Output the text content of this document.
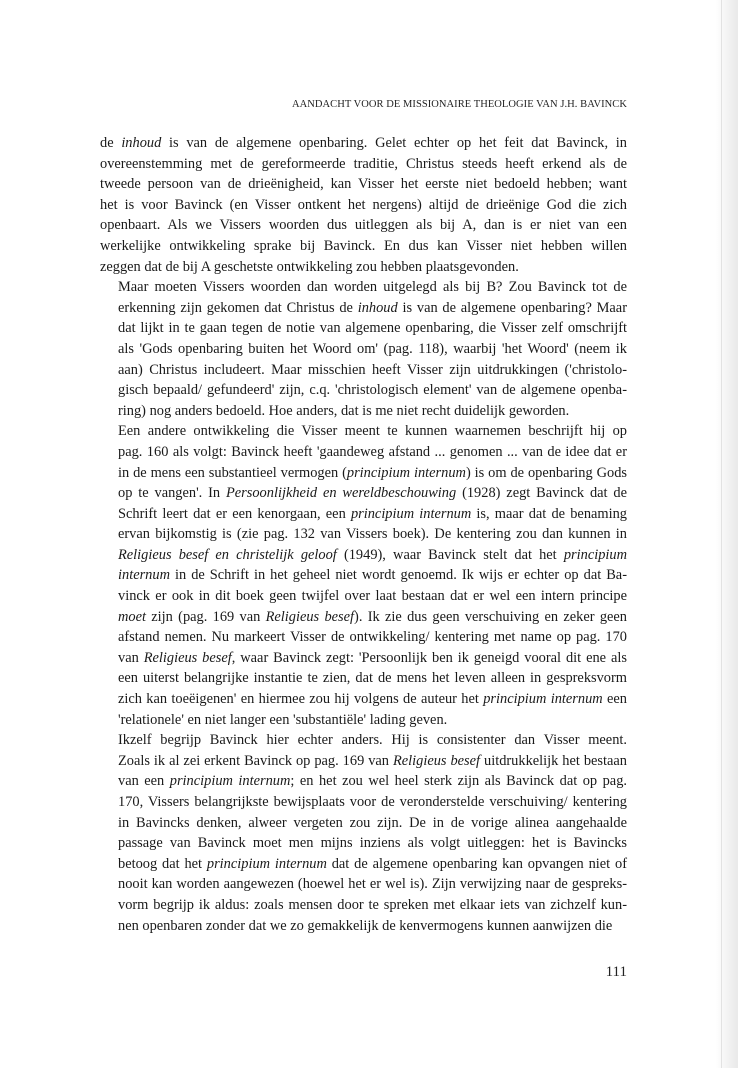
AANDACHT VOOR DE MISSIONAIRE THEOLOGIE VAN J.H. BAVINCK

de inhoud is van de algemene openbaring. Gelet echter op het feit dat Bavinck, in
overeenstemming met de gereformeerde traditie, Christus steeds heeft erkend als de
tweede persoon van de drieënigheid, kan Visser het eerste niet bedoeld hebben; want
het is voor Bavinck (en Visser ontkent het nergens) altijd de drieënige God die zich
openbaart. Als we Vissers woorden dus uitleggen als bij A, dan is er niet van een
werkelijke ontwikkeling sprake bij Bavinck. En dus kan Visser niet hebben willen
zeggen dat de bij A geschetste ontwikkeling zou hebben plaatsgevonden.

Maar moeten Vissers woorden dan worden uitgelegd als bij B? Zou Bavinck tot de
erkenning zijn gekomen dat Christus de inhoud is van de algemene openbaring? Maar
dat lijkt in te gaan tegen de notie van algemene openbaring, die Visser zelf omschrijft
als 'Gods openbaring buiten het Woord om' (pag. 118), waarbij 'het Woord' (neem ik
aan) Christus includeert. Maar misschien heeft Visser zijn uitdrukkingen ('christolo-
gisch bepaald/ gefundeerd' zijn, c.q. 'christologisch element' van de algemene openba-
ring) nog anders bedoeld. Hoe anders, dat is me niet recht duidelijk geworden.

Een andere ontwikkeling die Visser meent te kunnen waarnemen beschrijft hij op
pag. 160 als volgt: Bavinck heeft 'gaandeweg afstand ... genomen ... van de idee dat er
in de mens een substantieel vermogen (principium internum) is om de openbaring Gods
op te vangen'. In Persoonlijkheid en wereldbeschouwing (1928) zegt Bavinck dat de
Schrift leert dat er een kenorgaan, een principium internum is, maar dat de benaming
ervan bijkomstig is (zie pag. 132 van Vissers boek). De kentering zou dan kunnen in
Religieus besef en christelijk geloof (1949), waar Bavinck stelt dat het principium
internum in de Schrift in het geheel niet wordt genoemd. Ik wijs er echter op dat Ba-
vinck er ook in dit boek geen twijfel over laat bestaan dat er wel een intern principe
moet zijn (pag. 169 van Religieus besef). Ik zie dus geen verschuiving en zeker geen
afstand nemen. Nu markeert Visser de ontwikkeling/ kentering met name op pag. 170
van Religieus besef, waar Bavinck zegt: 'Persoonlijk ben ik geneigd vooral dit ene als
een uiterst belangrijke instantie te zien, dat de mens het leven alleen in gespreksvorm
zich kan toeëigenen' en hiermee zou hij volgens de auteur het principium internum een
'relationele' en niet langer een 'substantiële' lading geven.

Ikzelf begrijp Bavinck hier echter anders. Hij is consistenter dan Visser meent.
Zoals ik al zei erkent Bavinck op pag. 169 van Religieus besef uitdrukkelijk het bestaan
van een principium internum; en het zou wel heel sterk zijn als Bavinck dat op pag.
170, Vissers belangrijkste bewijsplaats voor de veronderstelde verschuiving/ kentering
in Bavincks denken, alweer vergeten zou zijn. De in de vorige alinea aangehaalde
passage van Bavinck moet men mijns inziens als volgt uitleggen: het is Bavincks
betoog dat het principium internum dat de algemene openbaring kan opvangen niet of
nooit kan worden aangewezen (hoewel het er wel is). Zijn verwijzing naar de gespreks-
vorm begrijp ik aldus: zoals mensen door te spreken met elkaar iets van zichzelf kun-
nen openbaren zonder dat we zo gemakkelijk de kenvermogens kunnen aanwijzen die

111
